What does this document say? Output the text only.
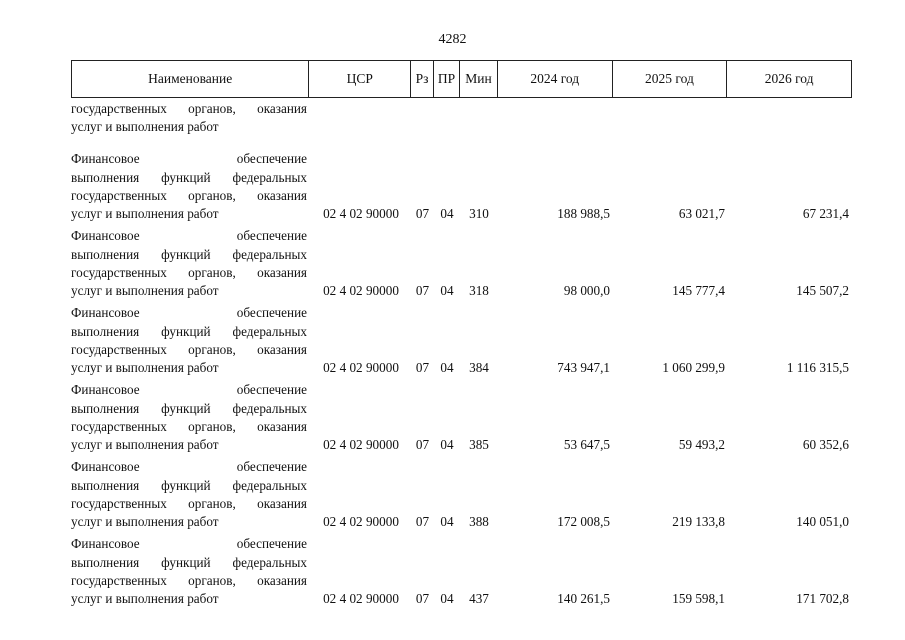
4282
Наименование	ЦСР	Рз ПР Мин	2024 год	2025 год	2026 год
государственных органов, оказания
услуг и выполнения работ
Финансовое обеспечение
выполнения функций федеральных
государственных органов, оказания
услуг и выполнения работ	02 4 02 90000	07 04	310	188 988,5	63 021,7	67 231,4
Финансовое обеспечение
выполнения функций федеральных
государственных органов, оказания
услуг и выполнения работ	02 4 02 90000	07 04	318	98 000,0	145 777,4	145 507,2
Финансовое обеспечение
выполнения функций федеральных
государственных органов, оказания
услуг и выполнения работ	02 4 02 90000	07 04	384	743 947,1	1 060 299,9	1 116 315,5
Финансовое обеспечение
выполнения функций федеральных
государственных органов, оказания
услуг и выполнения работ	02 4 02 90000	07 04	385	53 647,5	59 493,2	60 352,6
Финансовое обеспечение
выполнения функций федеральных
государственных органов, оказания
услуг и выполнения работ	02 4 02 90000	07 04	388	172 008,5	219 133,8	140 051,0
Финансовое обеспечение
выполнения функций федеральных
государственных органов, оказания
услуг и выполнения работ	02 4 02 90000	07 04	437	140 261,5	159 598,1	171 702,8
